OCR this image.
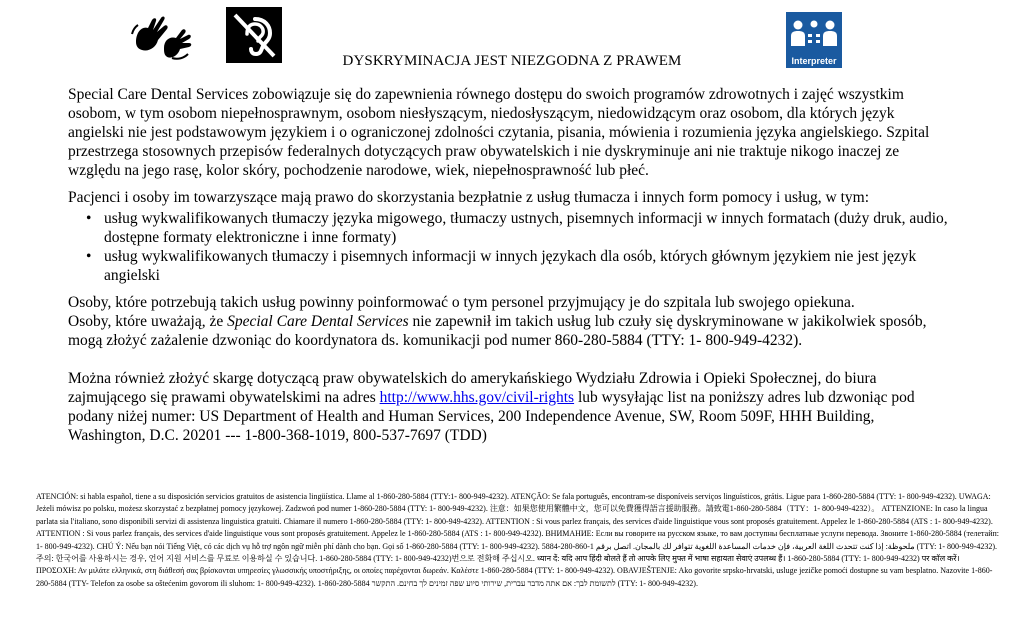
Interpreter
DYSKRYMINACJA JEST NIEZGODNA Z PRAWEM

Special Care Dental Services zobowiązuje się do zapewnienia równego dostępu do swoich programów zdrowotnych i zajęć wszystkim osobom, w tym osobom niepełnosprawnym, osobom niesłyszącym, niedosłyszącym, niedowidzącym oraz osobom, dla których język angielski nie jest podstawowym językiem i o ograniczonej zdolności czytania, pisania, mówienia i rozumienia języka angielskiego. Szpital przestrzega stosownych przepisów federalnych dotyczących praw obywatelskich i nie dyskryminuje ani nie traktuje nikogo inaczej ze względu na jego rasę, kolor skóry, pochodzenie narodowe, wiek, niepełnosprawność lub płeć.

Pacjenci i osoby im towarzyszące mają prawo do skorzystania bezpłatnie z usług tłumacza i innych form pomocy i usług, w tym:

• usług wykwalifikowanych tłumaczy języka migowego, tłumaczy ustnych, pisemnych informacji w innych formatach (duży druk, audio, dostępne formaty elektroniczne i inne formaty)
• usług wykwalifikowanych tłumaczy i pisemnych informacji w innych językach dla osób, których głównym językiem nie jest język angielski

Osoby, które potrzebują takich usług powinny poinformować o tym personel przyjmujący je do szpitala lub swojego opiekuna.

Osoby, które uważają, że Special Care Dental Services nie zapewnił im takich usług lub czuły się dyskryminowane w jakikolwiek sposób, mogą złożyć zażalenie dzwoniąc do koordynatora ds. komunikacji pod numer 860-280-5884 (TTY: 1- 800-949-4232).

Można również złożyć skargę dotyczącą praw obywatelskich do amerykańskiego Wydziału Zdrowia i Opieki Społecznej, do biura zajmującego się prawami obywatelskimi na adres http://www.hhs.gov/civil-rights lub wysyłając list na poniższy adres lub dzwoniąc pod podany niżej numer: US Department of Health and Human Services, 200 Independence Avenue, SW, Room 509F, HHH Building, Washington, D.C. 20201 --- 1-800-368-1019, 800-537-7697 (TDD)

ATENCIÓN: si habla español, tiene a su disposición servicios gratuitos de asistencia lingüística. Llame al 1-860-280-5884 (TTY:1- 800-949-4232). ATENÇÃO: Se fala português, encontram-se disponíveis serviços linguísticos, grátis. Ligue para 1-860-280-5884 (TTY: 1- 800-949-4232). UWAGA: Jeżeli mówisz po polsku, możesz skorzystać z bezpłatnej pomocy językowej. Zadzwoń pod numer 1-860-280-5884 (TTY: 1- 800-949-4232). 注意：如果您使用繁體中文，您可以免費獲得語言援助服務。請致電1-860-280-5884（TTY：1- 800-949-4232）。 ATTENZIONE: In caso la lingua parlata sia l'italiano, sono disponibili servizi di assistenza linguistica gratuiti. Chiamare il numero 1-860-280-5884 (TTY: 1- 800-949-4232). ATTENTION : Si vous parlez français, des services d'aide linguistique vous sont proposés gratuitement. Appelez le 1-860-280-5884 (ATS : 1- 800-949-4232). ATTENTION : Si vous parlez français, des services d'aide linguistique vous sont proposés gratuitement. Appelez le 1-860-280-5884 (ATS : 1- 800-949-4232). ВНИМАНИЕ: Если вы говорите на русском языке, то вам доступны бесплатные услуги перевода. Звоните 1-860-280-5884 (телетайп: 1- 800-949-4232). CHÚ Ý: Nếu bạn nói Tiếng Việt, có các dịch vụ hỗ trợ ngôn ngữ miễn phí dành cho bạn. Gọi số 1-860-280-5884 (TTY: 1- 800-949-4232). ملحوظة: إذا كنت تتحدث اللغة العربية، فإن خدمات المساعدة اللغوية تتوافر لك بالمجان. اتصل برقم 1-860-280-5884 (TTY: 1- 800-949-4232). 주의: 한국어를 사용하시는 경우, 언어 지원 서비스를 무료로 이용하실 수 있습니다. 1-860-280-5884 (TTY: 1- 800-949-4232)번으로 전화해 주십시오. ध्यान दें: यदि आप हिंदी बोलते हैं तो आपके लिए मुफ्त में भाषा सहायता सेवाएं उपलब्ध हैं। 1-860-280-5884 (TTY: 1- 800-949-4232) पर कॉल करें। ΠΡΟΣΟΧΗ: Αν μιλάτε ελληνικά, στη διάθεσή σας βρίσκονται υπηρεσίες γλωσσικής υποστήριξης, οι οποίες παρέχονται δωρεάν. Καλέστε 1-860-280-5884 (TTY: 1- 800-949-4232). OBAVJEŠTENJE: Ako govorite srpsko-hrvatski, usluge jezičke pomoći dostupne su vam besplatno. Nazovite 1-860-280-5884 (TTY- Telefon za osobe sa oštećenim govorom ili sluhom: 1- 800-949-4232). לתשומת לבך: אם אתה מדבר עברית, שירותי סיוע שפה זמינים לך בחינם. התקשר 1-860-280-5884 (TTY: 1- 800-949-4232).
